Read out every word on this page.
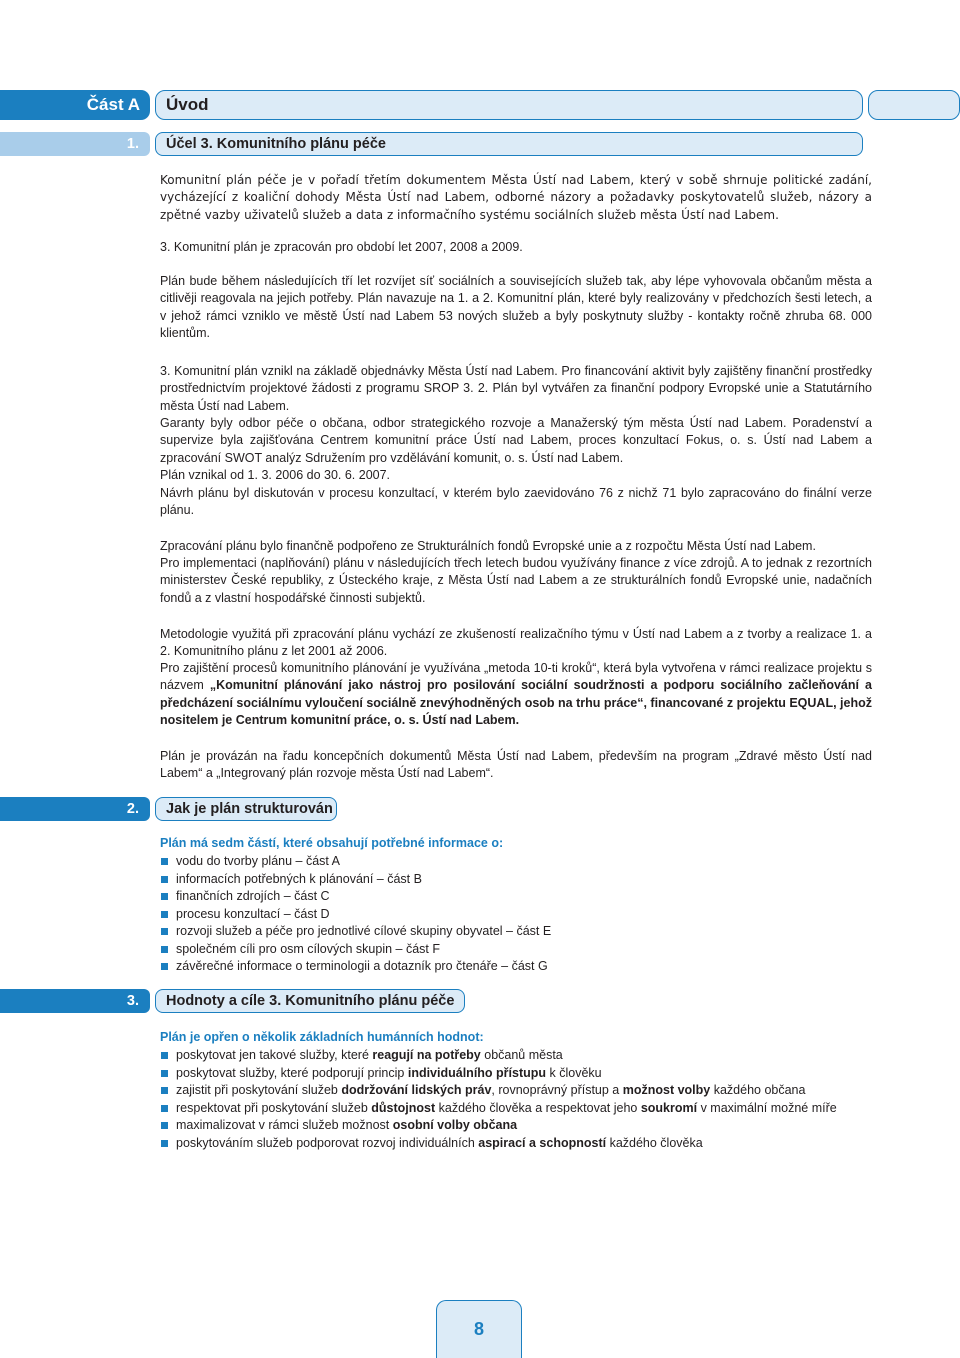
Část A Úvod
1. Účel 3. Komunitního plánu péče

Komunitní plán péče je v pořadí třetím dokumentem Města Ústí nad Labem, který v sobě shrnuje politické zadání, vycházející z koaliční dohody Města Ústí nad Labem, odborné názory a požadavky poskytovatelů služeb, názory a zpětné vazby uživatelů služeb a data z informačního systému sociálních služeb města Ústí nad Labem.

3. Komunitní plán je zpracován pro období let 2007, 2008 a 2009.

Plán bude během následujících tří let rozvíjet síť sociálních a souvisejících služeb tak, aby lépe vyhovovala občanům města a citlivěji reagovala na jejich potřeby. Plán navazuje na 1. a 2. Komunitní plán, které byly realizovány v předchozích šesti letech, a v jehož rámci vzniklo ve městě Ústí nad Labem 53 nových služeb a byly poskytnuty služby - kontakty ročně zhruba 68. 000 klientům.

3. Komunitní plán vznikl na základě objednávky Města Ústí nad Labem. Pro financování aktivit byly zajištěny finanční prostředky prostřednictvím projektové žádosti z programu SROP 3. 2. Plán byl vytvářen za finanční podpory Evropské unie a Statutárního města Ústí nad Labem.

Garanty byly odbor péče o občana, odbor strategického rozvoje a Manažerský tým města Ústí nad Labem. Poradenství a supervize byla zajišťována Centrem komunitní práce Ústí nad Labem, proces konzultací Fokus, o. s. Ústí nad Labem a zpracování SWOT analýz Sdružením pro vzdělávání komunit, o. s. Ústí nad Labem.

Plán vznikal od 1. 3. 2006 do 30. 6. 2007.

Návrh plánu byl diskutován v procesu konzultací, v kterém bylo zaevidováno 76 z nichž 71 bylo zapracováno do finální verze plánu.

Zpracování plánu bylo finančně podpořeno ze Strukturálních fondů Evropské unie a z rozpočtu Města Ústí nad Labem.

Pro implementaci (naplňování) plánu v následujících třech letech budou využívány finance z více zdrojů. A to jednak z rezortních ministerstev České republiky, z Ústeckého kraje, z Města Ústí nad Labem a ze strukturálních fondů Evropské unie, nadačních fondů a z vlastní hospodářské činnosti subjektů.

Metodologie využitá při zpracování plánu vychází ze zkušeností realizačního týmu v Ústí nad Labem a z tvorby a realizace 1. a 2. Komunitního plánu z let 2001 až 2006.

Pro zajištění procesů komunitního plánování je využívána „metoda 10-ti kroků“, která byla vytvořena v rámci realizace projektu s názvem „Komunitní plánování jako nástroj pro posilování sociální soudržnosti a podporu sociálního začleňování a předcházení sociálnímu vyloučení sociálně znevýhodněných osob na trhu práce“, financované z projektu EQUAL, jehož nositelem je Centrum komunitní práce, o. s. Ústí nad Labem.

Plán je provázán na řadu koncepčních dokumentů Města Ústí nad Labem, především na program „Zdravé město Ústí nad Labem“ a „Integrovaný plán rozvoje města Ústí nad Labem“.

2. Jak je plán strukturován
Plán má sedm částí, které obsahují potřebné informace o:
vodu do tvorby plánu – část A
informacích potřebných k plánování – část B
finančních zdrojích – část C
procesu konzultací – část D
rozvoji služeb a péče pro jednotlivé cílové skupiny obyvatel – část E
společném cíli pro osm cílových skupin – část F
závěrečné informace o terminologii a dotazník pro čtenáře – část G
3. Hodnoty a cíle 3. Komunitního plánu péče
Plán je opřen o několik základních humánních hodnot:
poskytovat jen takové služby, které reagují na potřeby občanů města
poskytovat služby, které podporují princip individuálního přístupu k člověku
zajistit při poskytování služeb dodržování lidských práv, rovnoprávný přístup a možnost volby každého občana
respektovat při poskytování služeb důstojnost každého člověka a respektovat jeho soukromí v maximální možné míře
maximalizovat v rámci služeb možnost osobní volby občana
poskytováním služeb podporovat rozvoj individuálních aspirací a schopností každého člověka
8
